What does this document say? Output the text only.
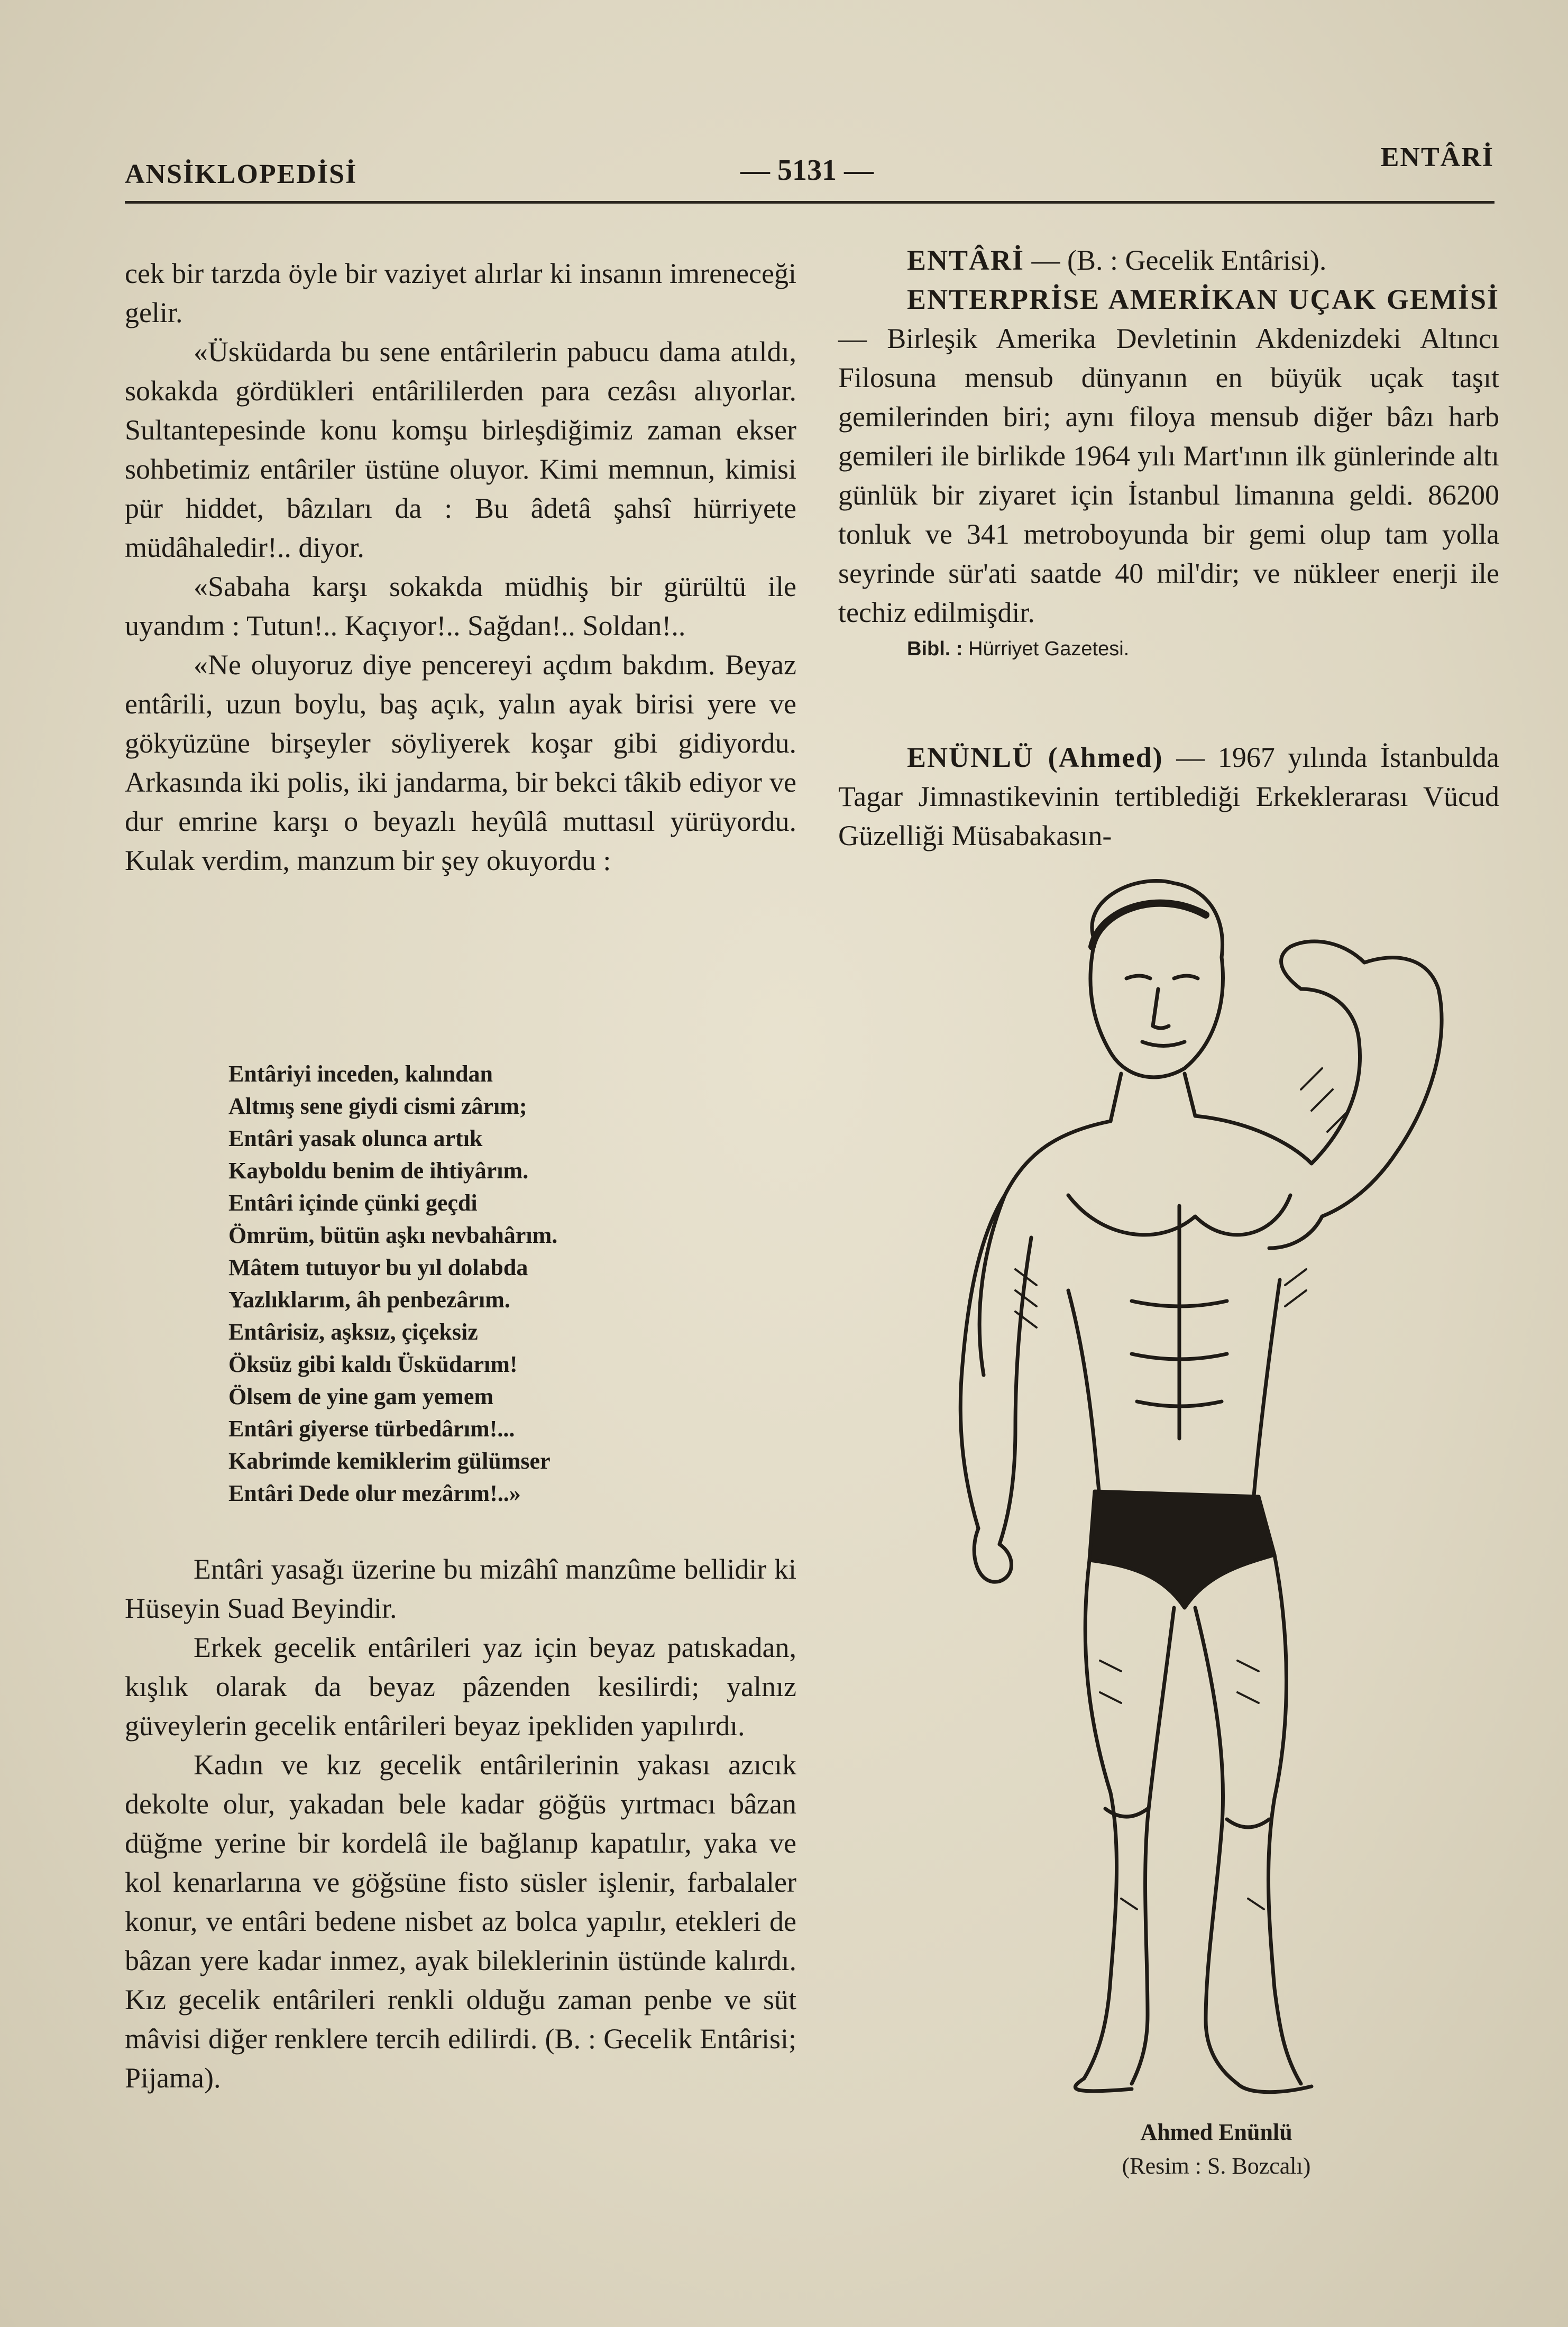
ANSİKLOPEDİSİ	— 5131 —	ENTÂRİ

cek bir tarzda öyle bir vaziyet alırlar ki insanın imreneceği gelir.

«Üsküdarda bu sene entârilerin pabucu dama atıldı, sokakda gördükleri entârililerden para cezâsı alıyorlar. Sultantepesinde konu komşu birleşdiğimiz zaman ekser sohbetimiz entâriler üstüne oluyor. Kimi memnun, kimisi pür hiddet, bâzıları da : Bu âdetâ şahsî hürriyete müdâhaledir!.. diyor.

«Sabaha karşı sokakda müdhiş bir gürültü ile uyandım : Tutun!.. Kaçıyor!.. Sağdan!.. Soldan!..

«Ne oluyoruz diye pencereyi açdım bakdım. Beyaz entârili, uzun boylu, baş açık, yalın ayak birisi yere ve gökyüzüne birşeyler söyliyerek koşar gibi gidiyordu. Arkasında iki polis, iki jandarma, bir bekci tâkib ediyor ve dur emrine karşı o beyazlı heyûlâ muttasıl yürüyordu. Kulak verdim, manzum bir şey okuyordu :

Entâriyi inceden, kalından
Altmış sene giydi cismi zârım;
Entâri yasak olunca artık
Kayboldu benim de ihtiyârım.
Entâri içinde çünki geçdi
Ömrüm, bütün aşkı nevbahârım.
Mâtem tutuyor bu yıl dolabda
Yazlıklarım, âh penbezârım.
Entârisiz, aşksız, çiçeksiz
Öksüz gibi kaldı Üsküdarım!
Ölsem de yine gam yemem
Entâri giyerse türbedârım!...
Kabrimde kemiklerim gülümser
Entâri Dede olur mezârım!..»

Entâri yasağı üzerine bu mizâhî manzûme bellidir ki Hüseyin Suad Beyindir.

Erkek gecelik entârileri yaz için beyaz patıskadan, kışlık olarak da beyaz pâzenden kesilirdi; yalnız güveylerin gecelik entârileri beyaz ipekliden yapılırdı.

Kadın ve kız gecelik entârilerinin yakası azıcık dekolte olur, yakadan bele kadar göğüs yırtmacı bâzan düğme yerine bir kordelâ ile bağlanıp kapatılır, yaka ve kol kenarlarına ve göğsüne fisto süsler işlenir, farbalaler konur, ve entâri bedene nisbet az bolca yapılır, etekleri de bâzan yere kadar inmez, ayak bileklerinin üstünde kalırdı. Kız gecelik entârileri renkli olduğu zaman penbe ve süt mâvisi diğer renklere tercih edilirdi. (B. : Gecelik Entârisi; Pijama).

ENTÂRİ — (B. : Gecelik Entârisi).

ENTERPRİSE AMERİKAN UÇAK GEMİSİ — Birleşik Amerika Devletinin Akdenizdeki Altıncı Filosuna mensub dünyanın en büyük uçak taşıt gemilerinden biri; aynı filoya mensub diğer bâzı harb gemileri ile birlikde 1964 yılı Mart'ının ilk günlerinde altı günlük bir ziyaret için İstanbul limanına geldi. 86200 tonluk ve 341 metroboyunda bir gemi olup tam yolla seyrinde sür'ati saatde 40 mil'dir; ve nükleer enerji ile techiz edilmişdir.

Bibl. : Hürriyet Gazetesi.

ENÜNLÜ (Ahmed) — 1967 yılında İstanbulda Tagar Jimnastikevinin tertiblediği Erkeklerarası Vücud Güzelliği Müsabakasın-

Ahmed Enünlü
(Resim : S. Bozcalı)
